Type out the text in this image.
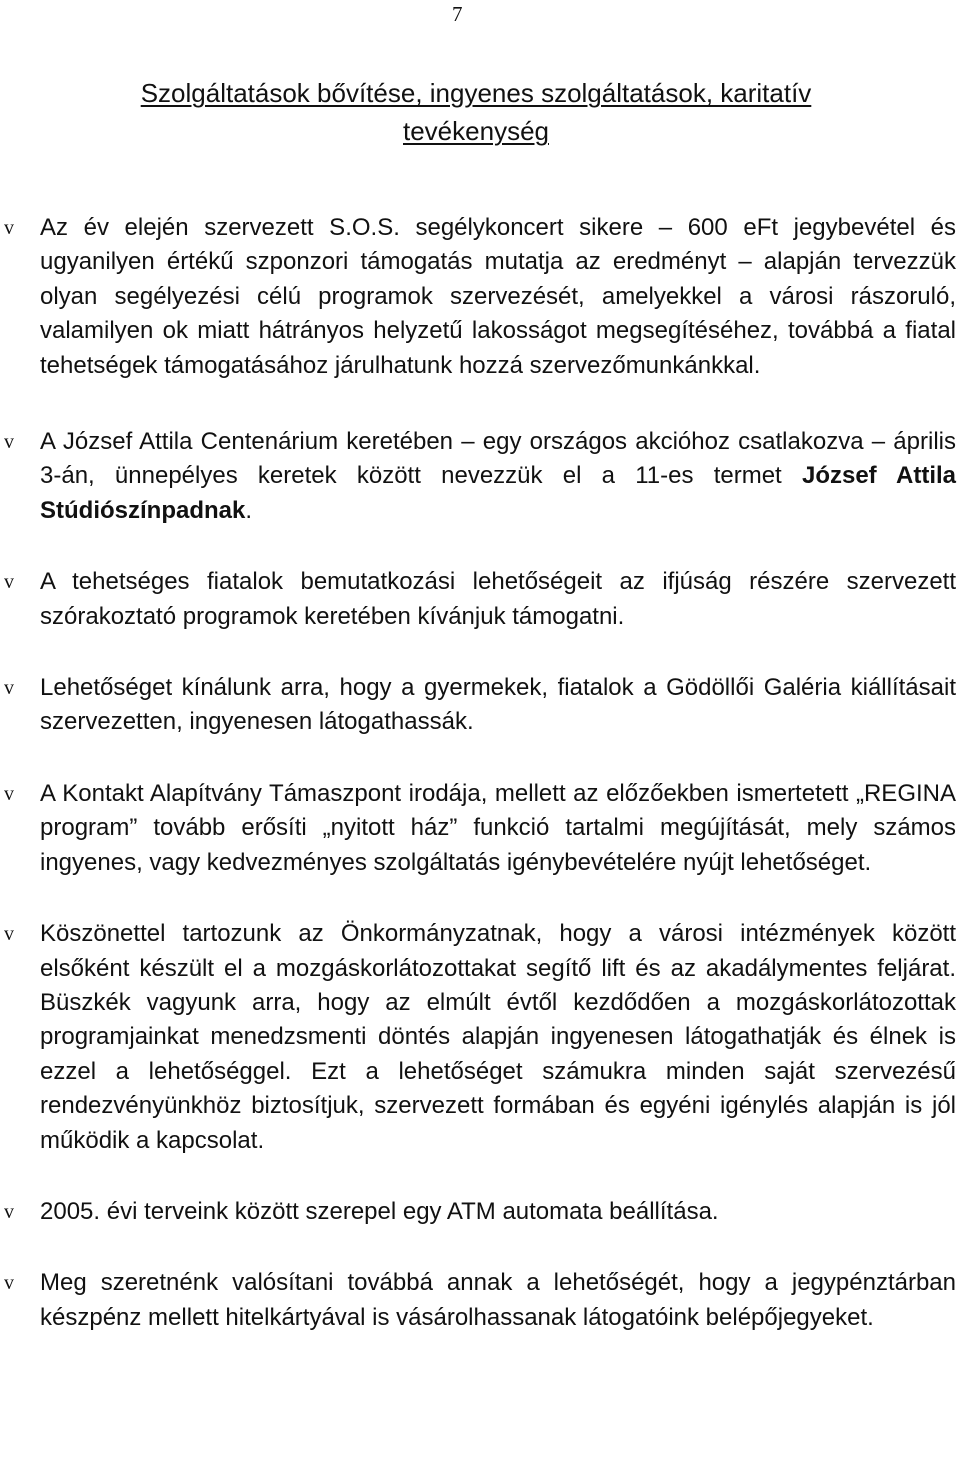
7
Szolgáltatások bővítése, ingyenes szolgáltatások, karitatív
tevékenység
v Az év elején szervezett S.O.S. segélykoncert sikere – 600 eFt jegybevétel és ugyanilyen értékű szponzori támogatás mutatja az eredményt – alapján tervezzük olyan segélyezési célú programok szervezését, amelyekkel a városi rászoruló, valamilyen ok miatt hátrányos helyzetű lakosságot megsegítéséhez, továbbá a fiatal tehetségek támogatásához járulhatunk hozzá szervezőmunkánkkal.
v A József Attila Centenárium keretében – egy országos akcióhoz csatlakozva – április 3-án, ünnepélyes keretek között nevezzük el a 11-es termet József Attila Stúdiószínpadnak.
v A tehetséges fiatalok bemutatkozási lehetőségeit az ifjúság részére szervezett szórakoztató programok keretében kívánjuk támogatni.
v Lehetőséget kínálunk arra, hogy a gyermekek, fiatalok a Gödöllői Galéria kiállításait szervezetten, ingyenesen látogathassák.
v A Kontakt Alapítvány Támaszpont irodája, mellett az előzőekben ismertetett „REGINA program” tovább erősíti „nyitott ház” funkció tartalmi megújítását, mely számos ingyenes, vagy kedvezményes szolgáltatás igénybevételére nyújt lehetőséget.
v Köszönettel tartozunk az Önkormányzatnak, hogy a városi intézmények között elsőként készült el a mozgáskorlátozottakat segítő lift és az akadálymentes feljárat. Büszkék vagyunk arra, hogy az elmúlt évtől kezdődően a mozgáskorlátozottak programjainkat menedzsmenti döntés alapján ingyenesen látogathatják és élnek is ezzel a lehetőséggel. Ezt a lehetőséget számukra minden saját szervezésű rendezvényünkhöz biztosítjuk, szervezett formában és egyéni igénylés alapján is jól működik a kapcsolat.
v 2005. évi terveink között szerepel egy ATM automata beállítása.
v Meg szeretnénk valósítani továbbá annak a lehetőségét, hogy a jegypénztárban készpénz mellett hitelkártyával is vásárolhassanak látogatóink belépőjegyeket.
